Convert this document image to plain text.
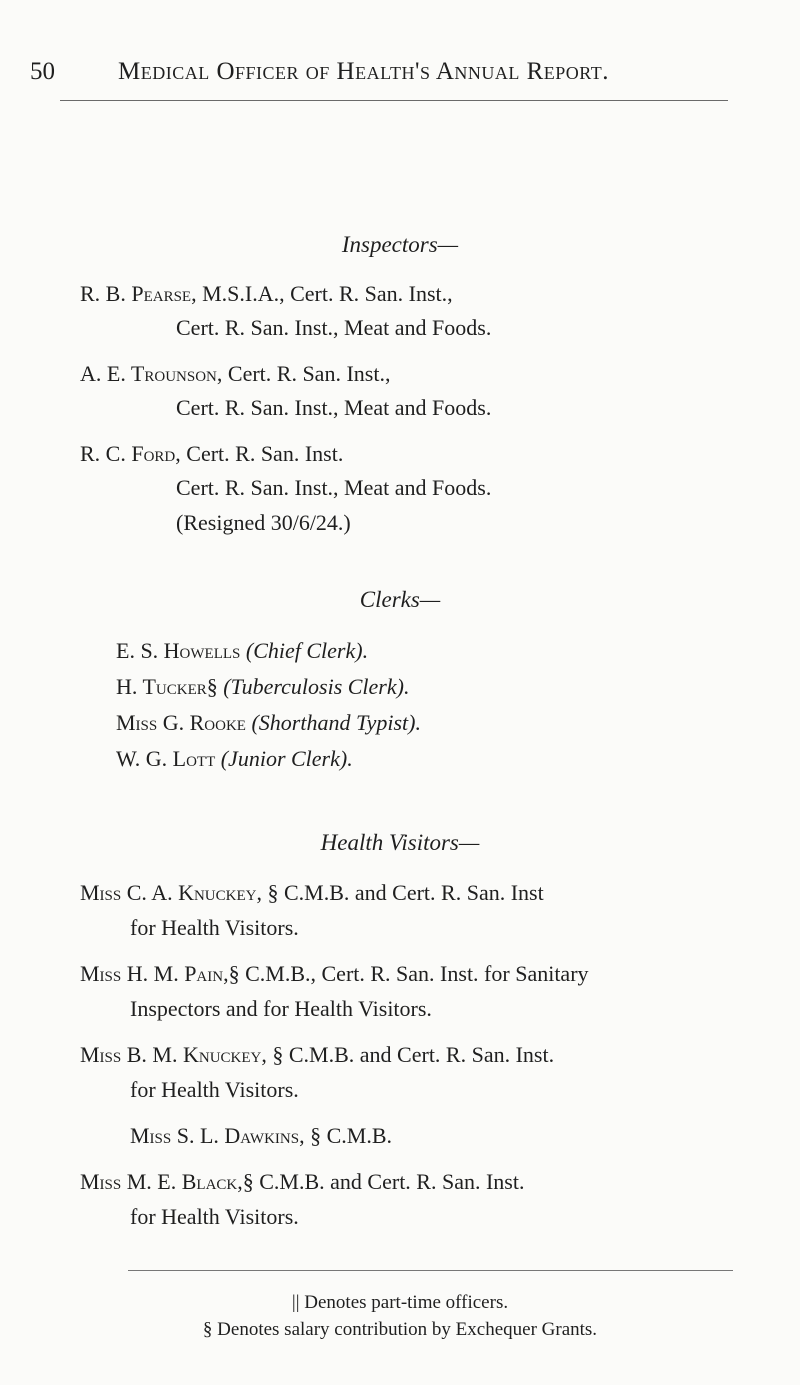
50	Medical Officer of Health's Annual Report.
Inspectors—
R. B. Pearse, M.S.I.A., Cert. R. San. Inst.,
Cert. R. San. Inst., Meat and Foods.
A. E. Trounson, Cert. R. San. Inst.,
Cert. R. San. Inst., Meat and Foods.
R. C. Ford, Cert. R. San. Inst.
Cert. R. San. Inst., Meat and Foods.
(Resigned 30/6/24.)
Clerks—
E. S. Howells (Chief Clerk).
H. Tucker§ (Tuberculosis Clerk).
Miss G. Rooke (Shorthand Typist).
W. G. Lott (Junior Clerk).
Health Visitors—
Miss C. A. Knuckey, § C.M.B. and Cert. R. San. Inst
for Health Visitors.
Miss H. M. Pain,§ C.M.B., Cert. R. San. Inst. for Sanitary
Inspectors and for Health Visitors.
Miss B. M. Knuckey, § C.M.B. and Cert. R. San. Inst.
for Health Visitors.
Miss S. L. Dawkins, § C.M.B.
Miss M. E. Black,§ C.M.B. and Cert. R. San. Inst.
for Health Visitors.
|| Denotes part-time officers.
§ Denotes salary contribution by Exchequer Grants.
